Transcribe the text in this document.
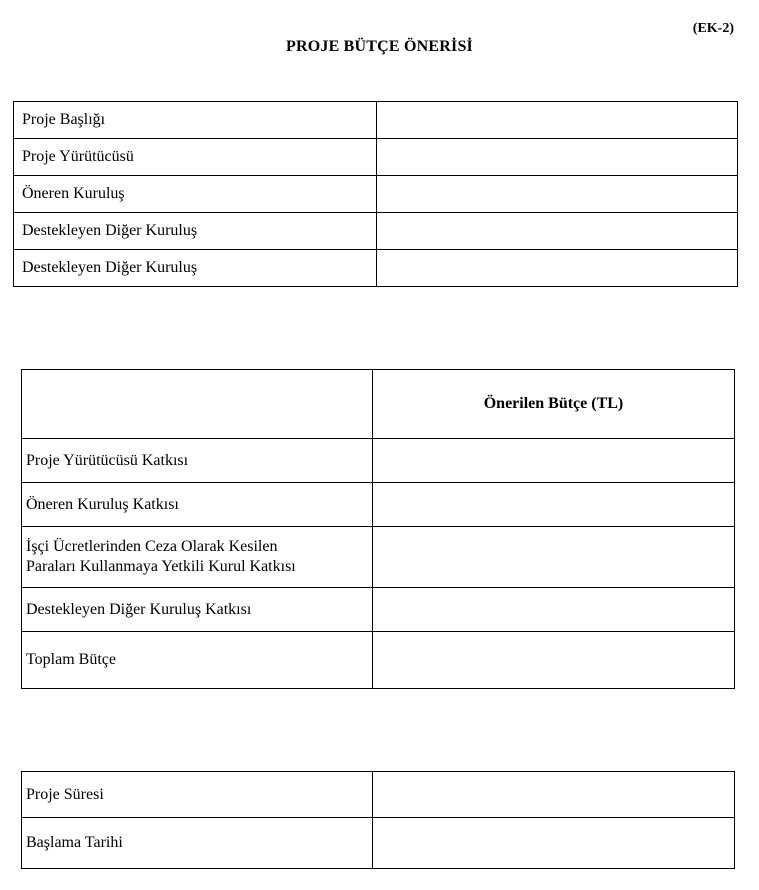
(EK-2)
PROJE BÜTÇE ÖNERİSİ
Proje Başlığı	
Proje Yürütücüsü	
Öneren Kuruluş	
Destekleyen Diğer Kuruluş	
Destekleyen Diğer Kuruluş	
	Önerilen Bütçe (TL)
Proje Yürütücüsü Katkısı	
Öneren Kuruluş Katkısı	

İşçi Ücretlerinden Ceza Olarak Kesilen
Paraları Kullanmaya Yetkili Kurul Katkısı	

Destekleyen Diğer Kuruluş Katkısı	
Toplam Bütçe	
Proje Süresi	
Başlama Tarihi	
